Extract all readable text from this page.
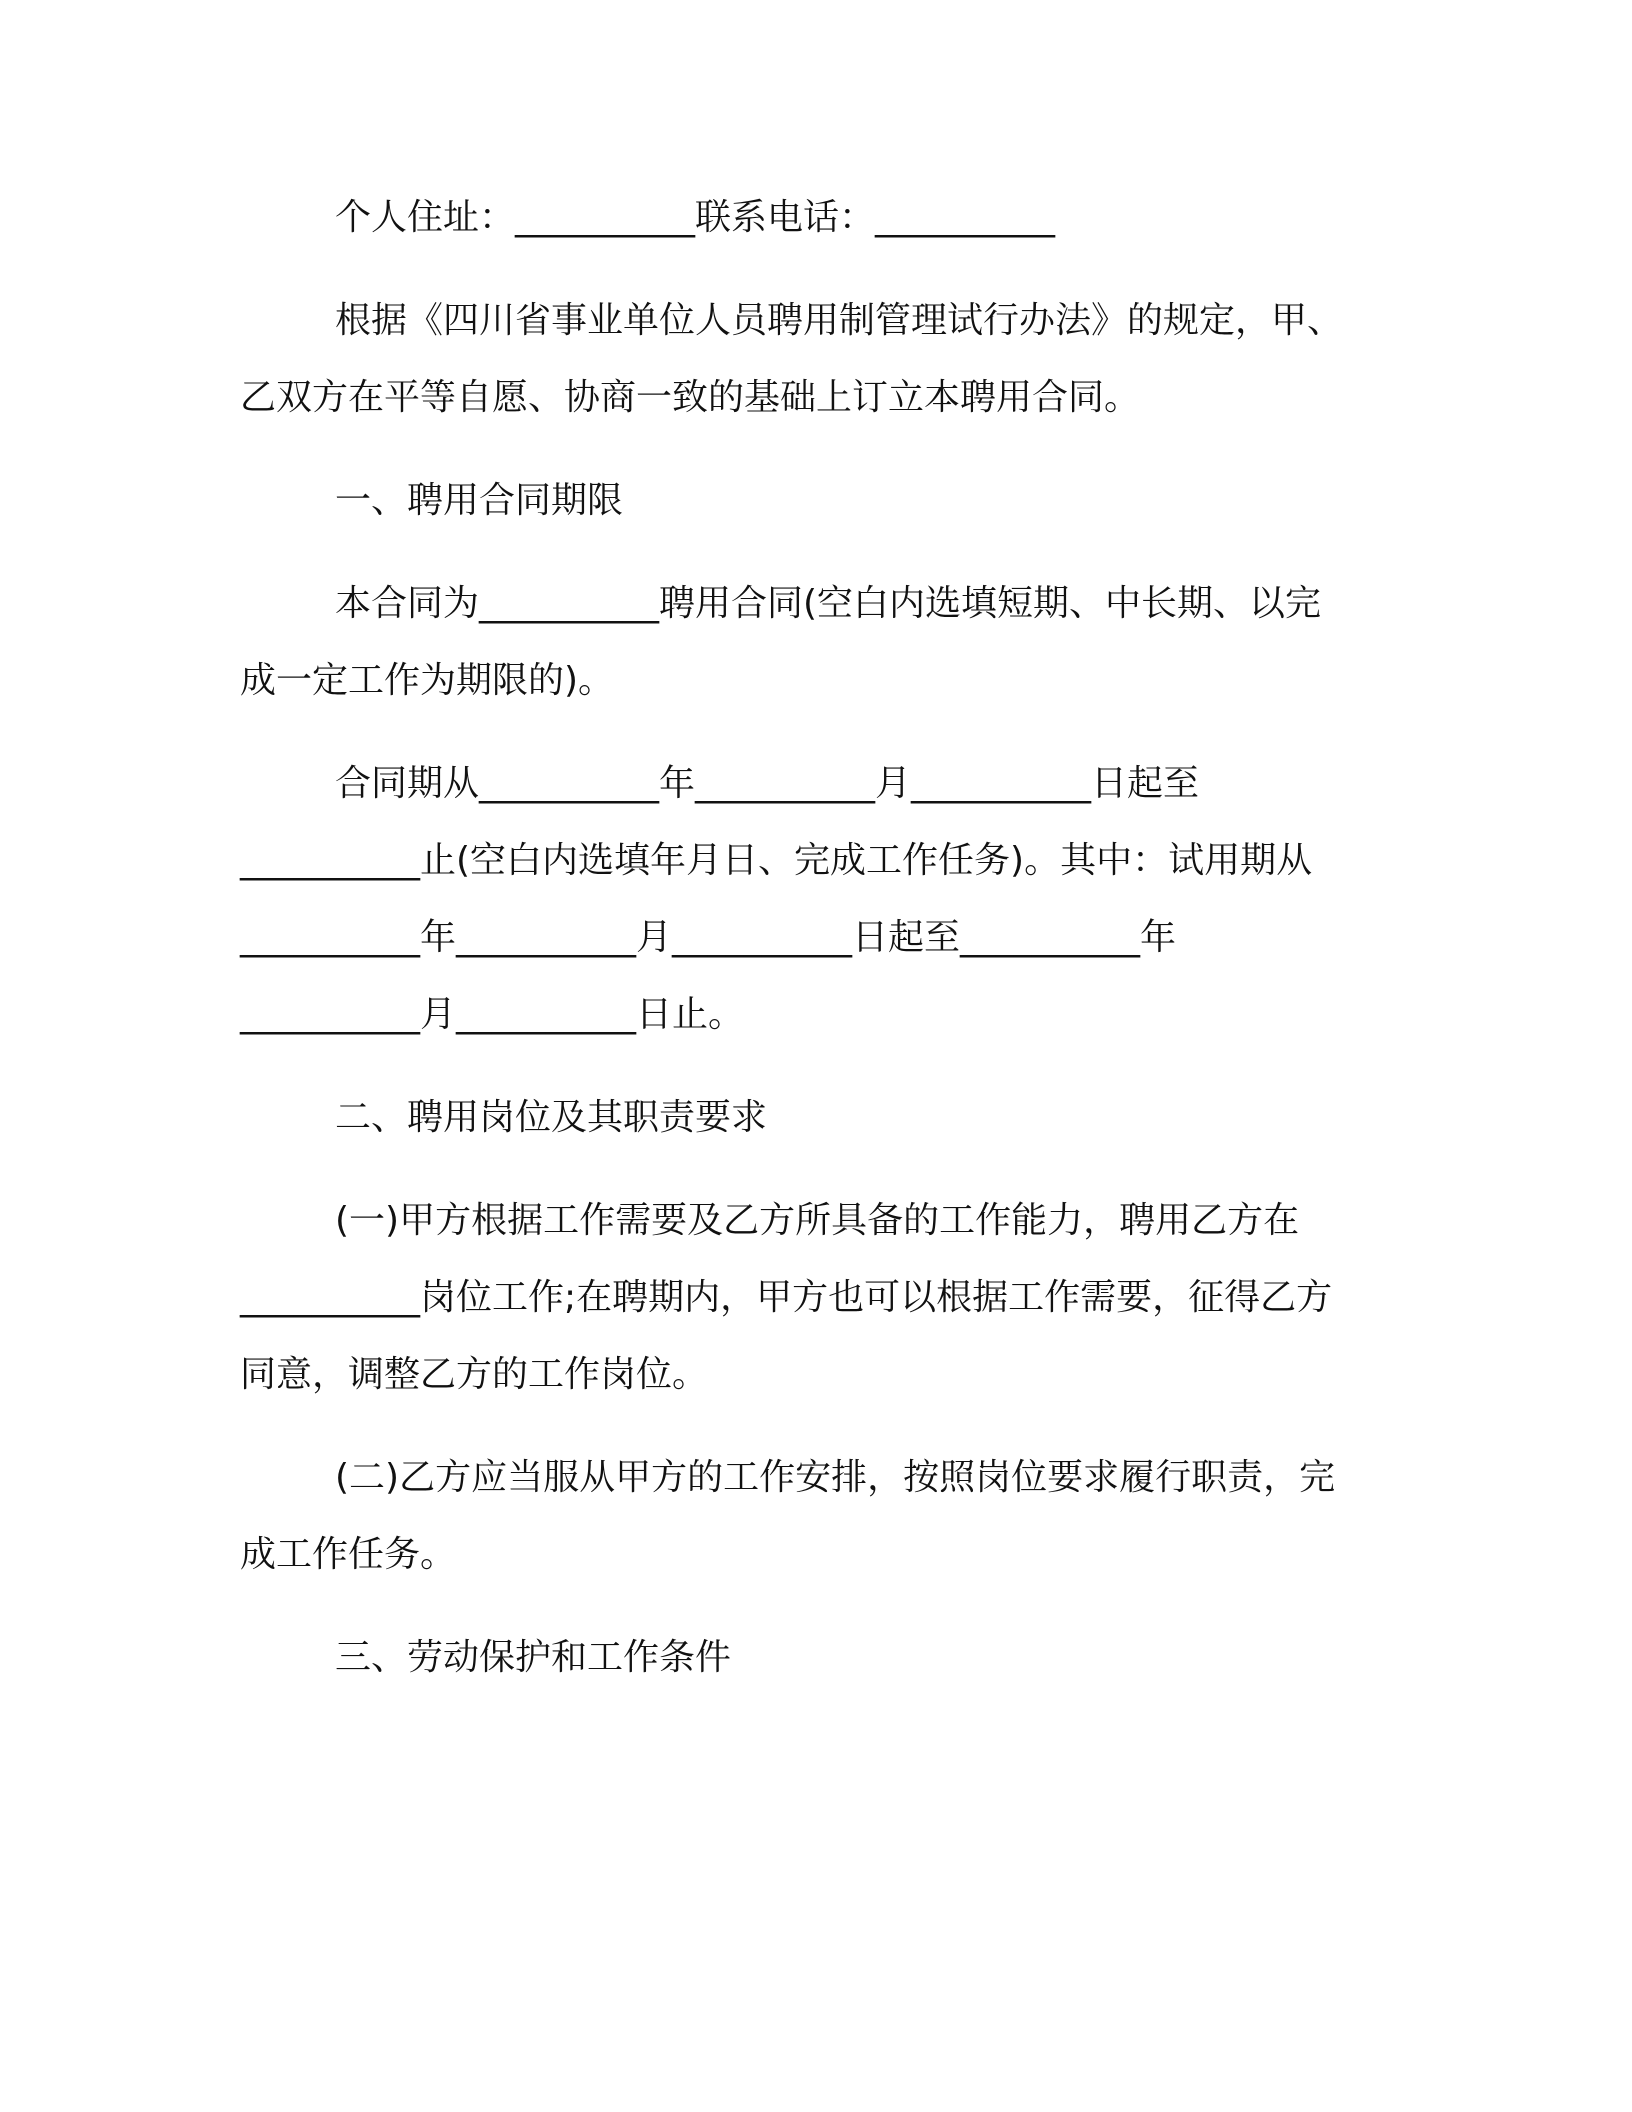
个人住址：__________联系电话：__________
根据《四川省事业单位人员聘用制管理试行办法》的规定，甲、
乙双方在平等自愿、协商一致的基础上订立本聘用合同。
一、聘用合同期限
本合同为__________聘用合同(空白内选填短期、中长期、以完
成一定工作为期限的)。
合同期从__________年__________月__________日起至
__________止(空白内选填年月日、完成工作任务)。其中：试用期从
__________年__________月__________日起至__________年
__________月__________日止。
二、聘用岗位及其职责要求
(一)甲方根据工作需要及乙方所具备的工作能力，聘用乙方在
__________岗位工作;在聘期内，甲方也可以根据工作需要，征得乙方
同意，调整乙方的工作岗位。
(二)乙方应当服从甲方的工作安排，按照岗位要求履行职责，完
成工作任务。
三、劳动保护和工作条件
